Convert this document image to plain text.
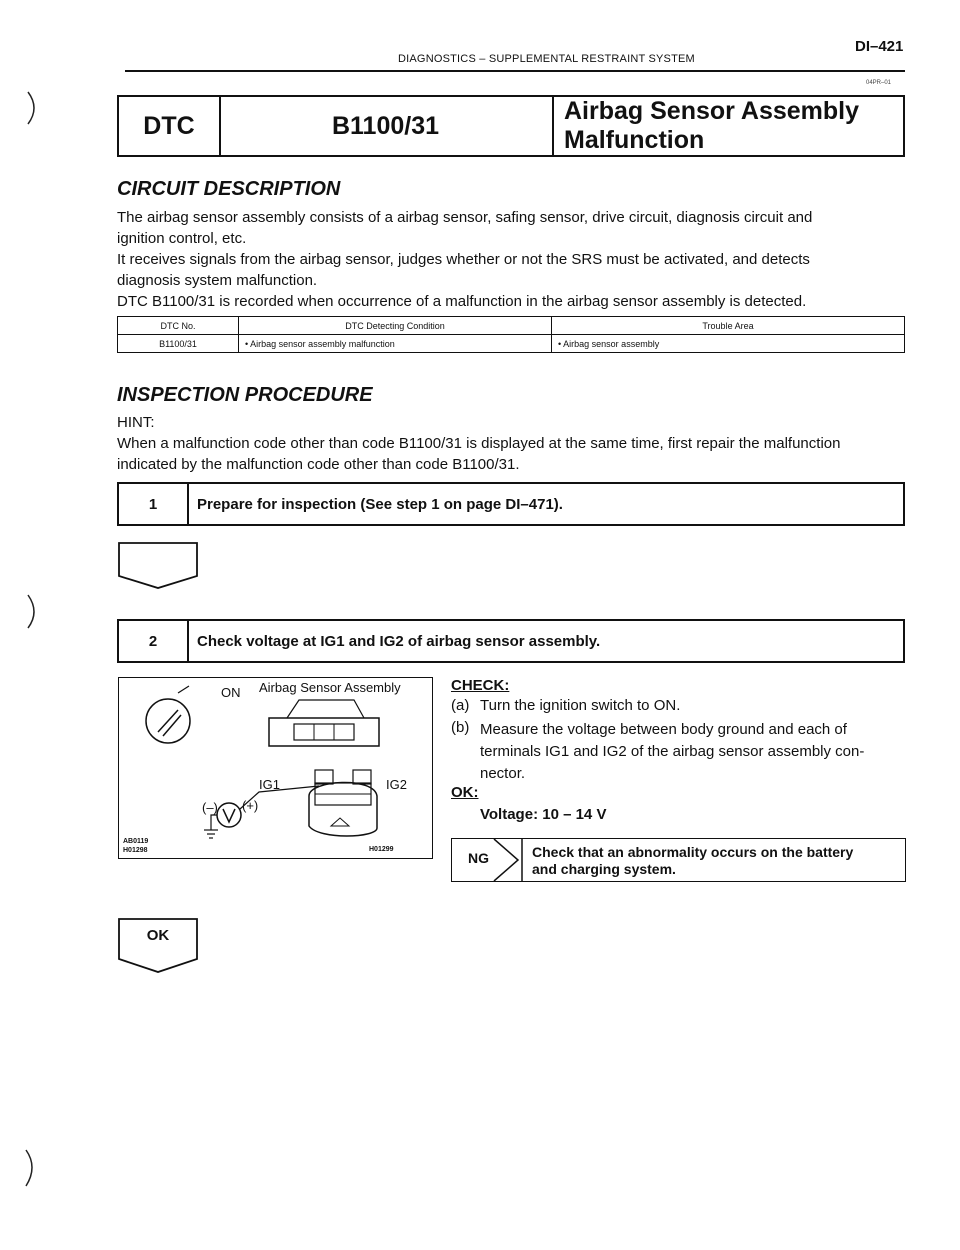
DIAGNOSTICS – SUPPLEMENTAL RESTRAINT SYSTEM
DI–421
04PR–01
DTC	B1100/31
Airbag Sensor Assembly Malfunction
CIRCUIT DESCRIPTION
The airbag sensor assembly consists of a airbag sensor, safing sensor, drive circuit, diagnosis circuit and
ignition control, etc.
It receives signals from the airbag sensor, judges whether or not the SRS must be activated, and detects
diagnosis system malfunction.
DTC B1100/31 is recorded when occurrence of a malfunction in the airbag sensor assembly is detected.
DTC No.	DTC Detecting Condition	Trouble Area
B1100/31	• Airbag sensor assembly malfunction	• Airbag sensor assembly
INSPECTION PROCEDURE
HINT:
When a malfunction code other than code B1100/31 is displayed at the same time, first repair the malfunction
indicated by the malfunction code other than code B1100/31.
1	Prepare for inspection (See step 1 on page DI–471).
2	Check voltage at IG1 and IG2 of airbag sensor assembly.
ON Airbag Sensor Assembly
IG1	IG2
(–) (+)
AB0119
H01298	H01299
CHECK:
(a) Turn the ignition switch to ON.
(b) Measure the voltage between body ground and each of
terminals IG1 and IG2 of the airbag sensor assembly con-
nector.
OK:
Voltage: 10 – 14 V
NG	Check that an abnormality occurs on the battery
and charging system.
OK
